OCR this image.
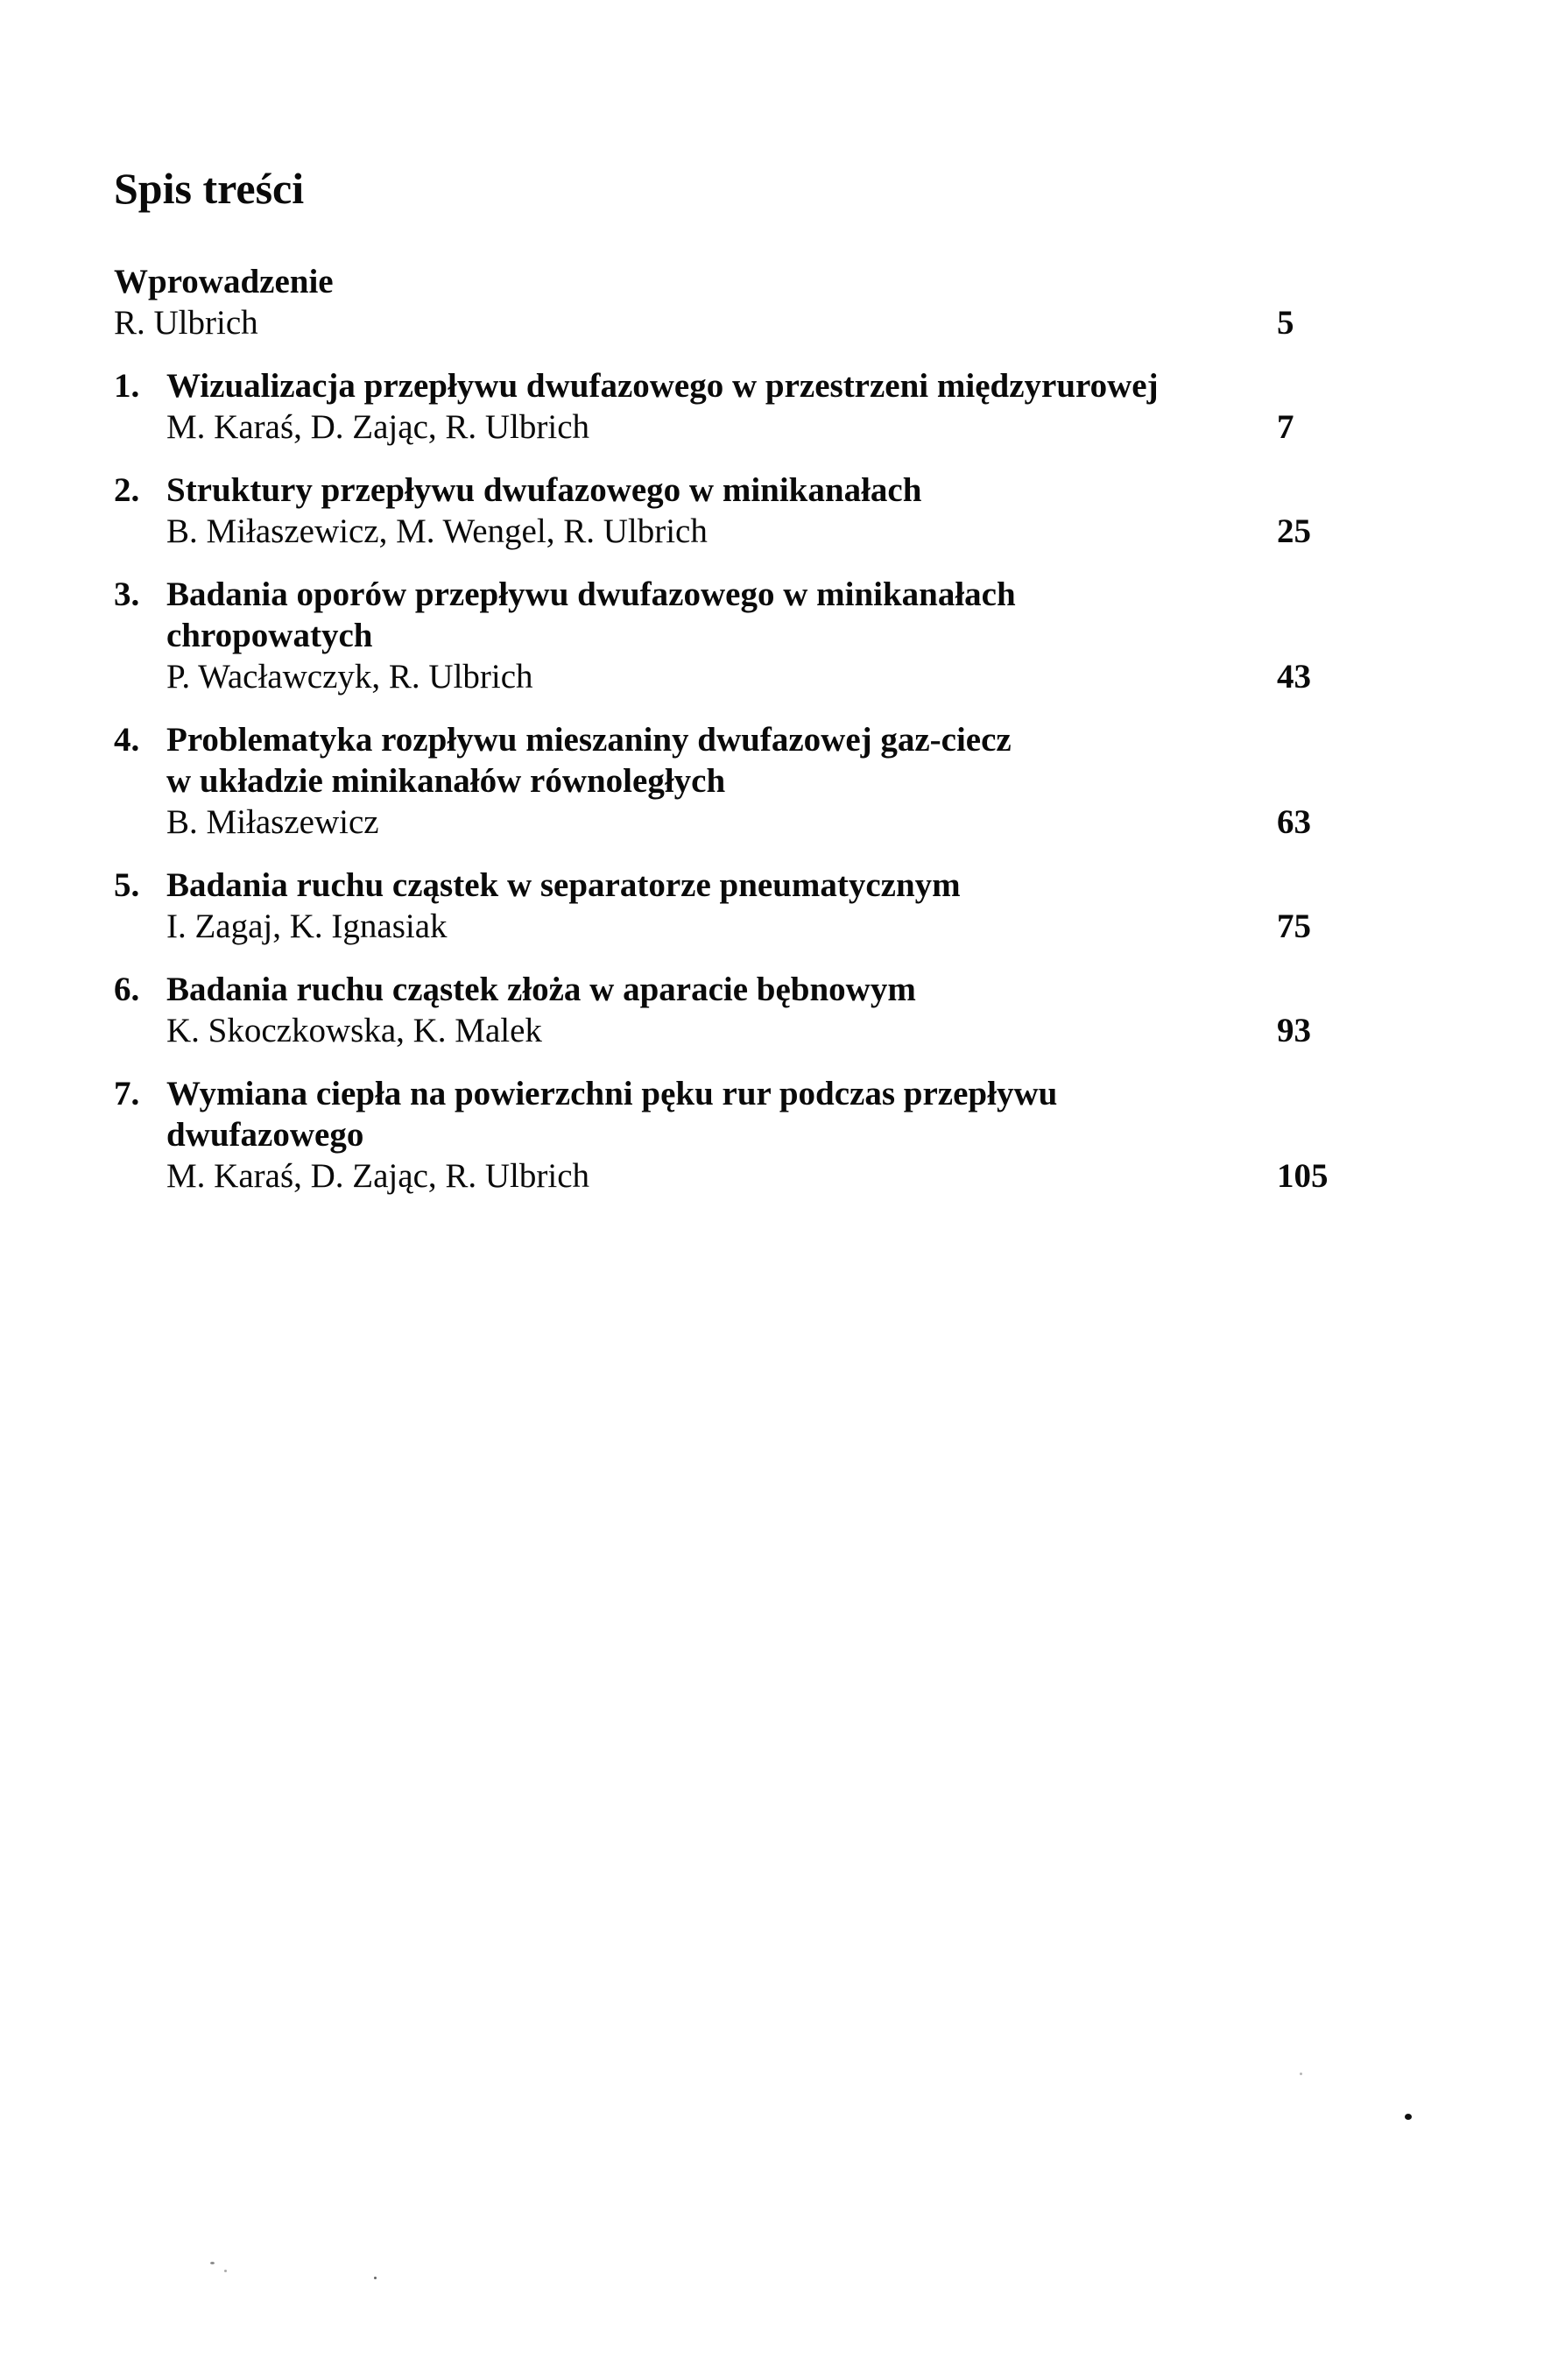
Spis treści
Wprowadzenie
R. Ulbrich	5
1. Wizualizacja przepływu dwufazowego w przestrzeni międzyrurowej
M. Karaś, D. Zając, R. Ulbrich	7
2. Struktury przepływu dwufazowego w minikanałach
B. Miłaszewicz, M. Wengel, R. Ulbrich	25
3. Badania oporów przepływu dwufazowego w minikanałach
chropowatych
P. Wacławczyk, R. Ulbrich	43
4. Problematyka rozpływu mieszaniny dwufazowej gaz-ciecz
w układzie minikanałów równoległych
B. Miłaszewicz	63
5. Badania ruchu cząstek w separatorze pneumatycznym
I. Zagaj, K. Ignasiak	75
6. Badania ruchu cząstek złoża w aparacie bębnowym
K. Skoczkowska, K. Malek	93
7. Wymiana ciepła na powierzchni pęku rur podczas przepływu
dwufazowego
M. Karaś, D. Zając, R. Ulbrich	105
